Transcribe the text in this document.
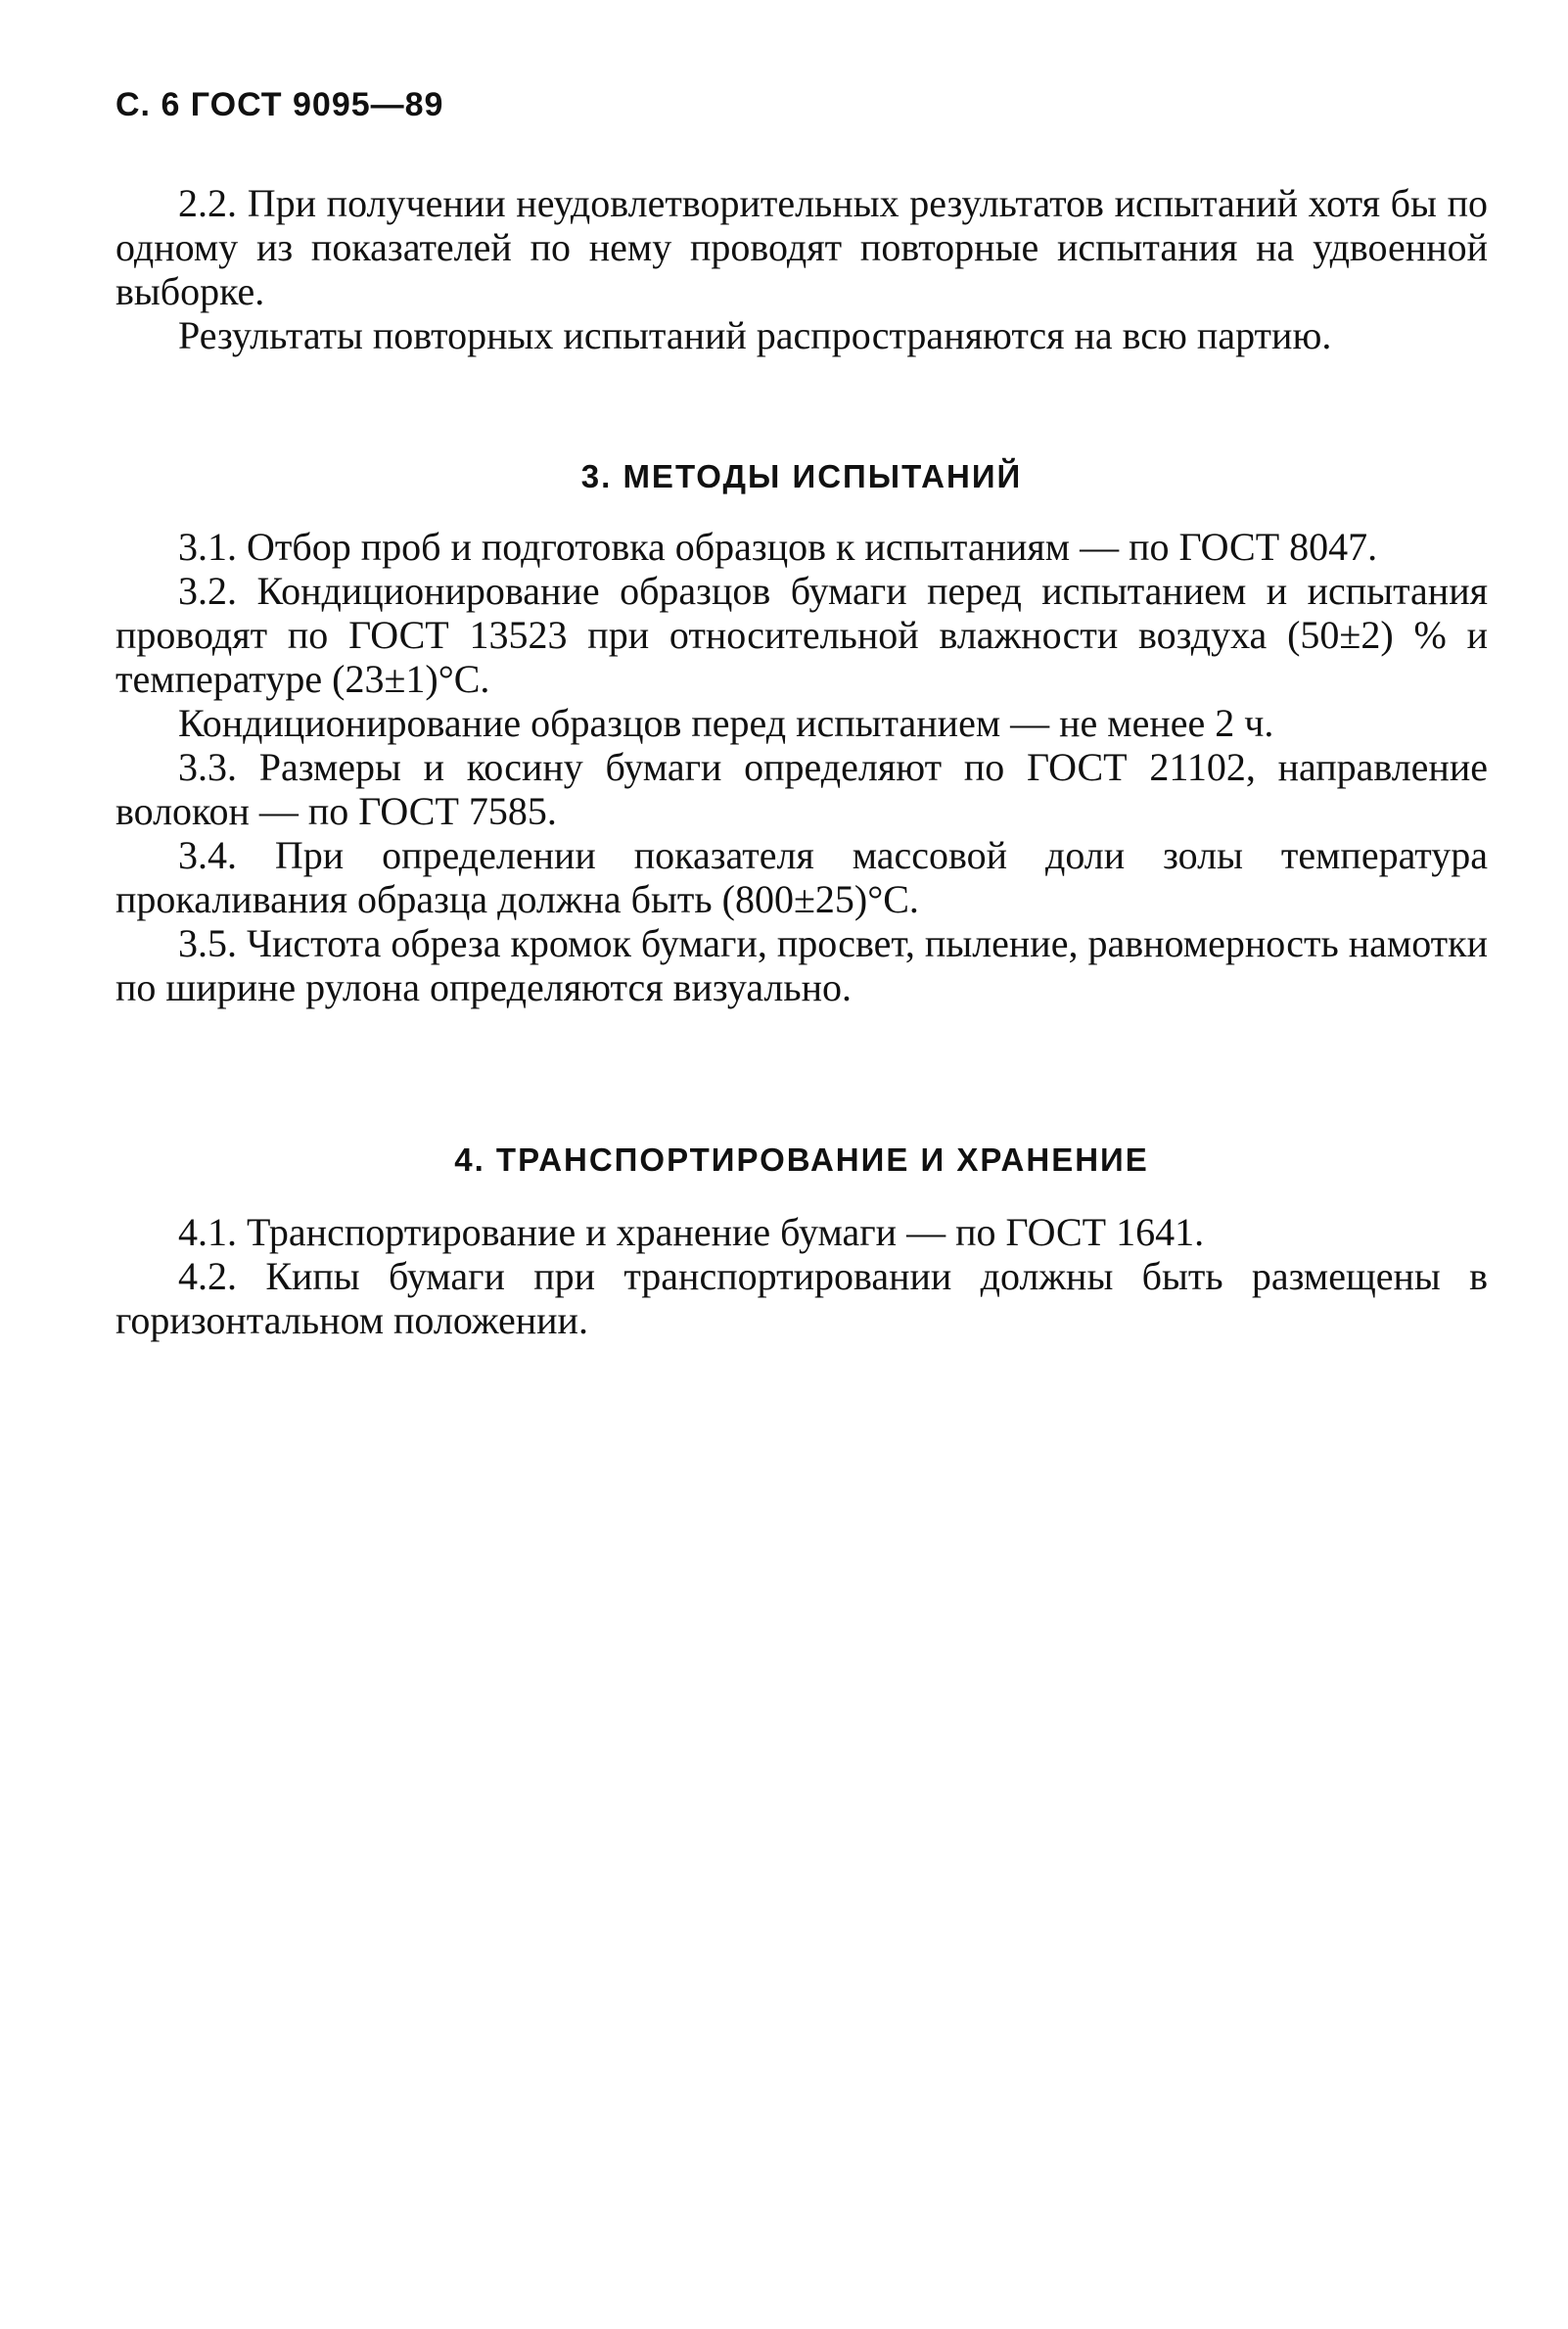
С. 6 ГОСТ 9095—89

2.2. При получении неудовлетворительных результатов испытаний хотя бы по одному из показателей по нему проводят повторные испытания на удвоенной выборке.

Результаты повторных испытаний распространяются на всю партию.

3. МЕТОДЫ ИСПЫТАНИЙ

3.1. Отбор проб и подготовка образцов к испытаниям — по ГОСТ 8047.

3.2. Кондиционирование образцов бумаги перед испытанием и испытания проводят по ГОСТ 13523 при относительной влажности воздуха (50±2) % и температуре (23±1)°С.

Кондиционирование образцов перед испытанием — не менее 2 ч.

3.3. Размеры и косину бумаги определяют по ГОСТ 21102, направление волокон — по ГОСТ 7585.

3.4. При определении показателя массовой доли золы температура прокаливания образца должна быть (800±25)°С.

3.5. Чистота обреза кромок бумаги, просвет, пыление, равномерность намотки по ширине рулона определяются визуально.

4. ТРАНСПОРТИРОВАНИЕ И ХРАНЕНИЕ

4.1. Транспортирование и хранение бумаги — по ГОСТ 1641.

4.2. Кипы бумаги при транспортировании должны быть размещены в горизонтальном положении.
